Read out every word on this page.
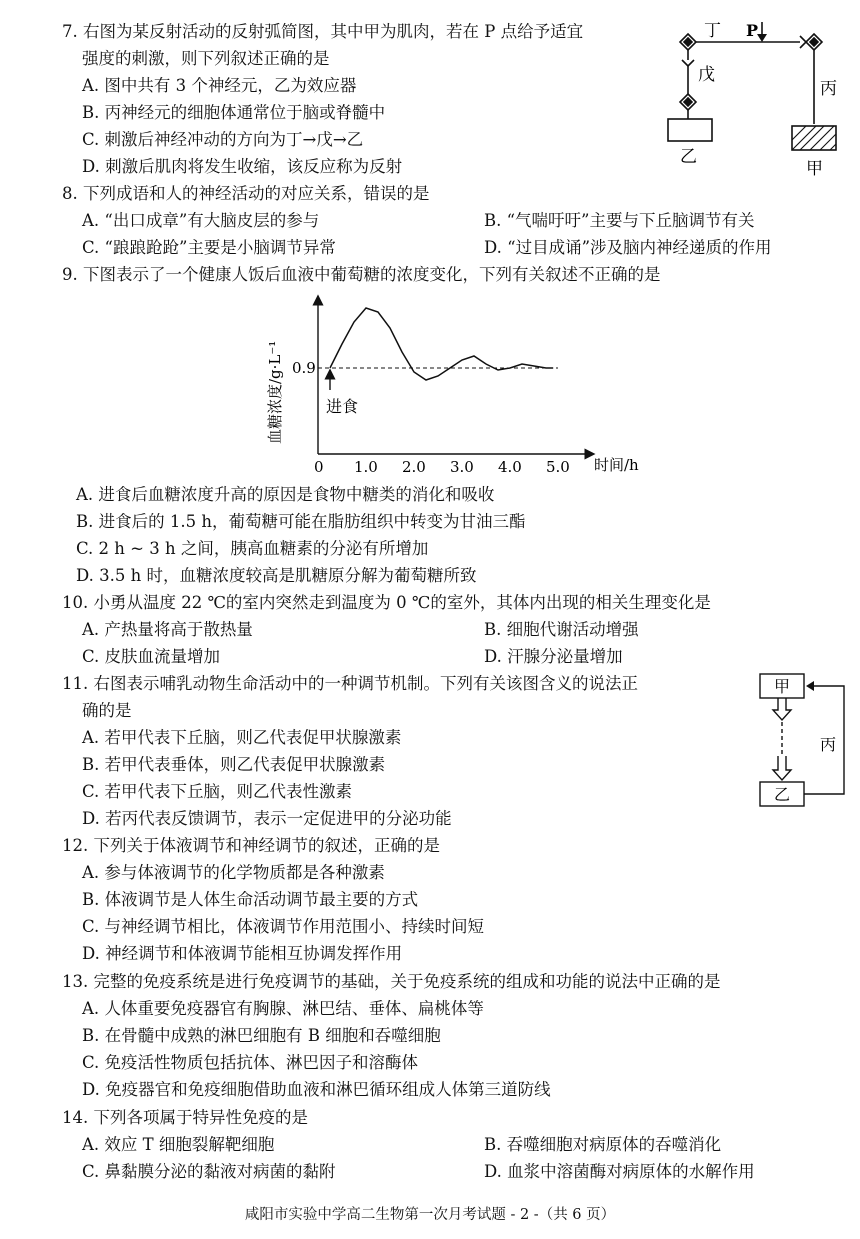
7. 右图为某反射活动的反射弧简图，其中甲为肌肉，若在 P 点给予适宜
强度的刺激，则下列叙述正确的是
A. 图中共有 3 个神经元，乙为效应器
B. 丙神经元的细胞体通常位于脑或脊髓中
C. 刺激后神经冲动的方向为丁→戊→乙
D. 刺激后肌肉将发生收缩，该反应称为反射
丁 P
戊
丙
乙
甲
8. 下列成语和人的神经活动的对应关系，错误的是
A. “出口成章”有大脑皮层的参与	B. “气喘吁吁”主要与下丘脑调节有关
C. “踉踉跄跄”主要是小脑调节异常	D. “过目成诵”涉及脑内神经递质的作用
9. 下图表示了一个健康人饭后血液中葡萄糖的浓度变化，下列有关叙述不正确的是
0 1.0 2.0 3.0 4.0 5.0
0.9
进食
时间/h
血糖浓度/g·L⁻¹
A. 进食后血糖浓度升高的原因是食物中糖类的消化和吸收
B. 进食后的 1.5 h，葡萄糖可能在脂肪组织中转变为甘油三酯
C. 2 h ~ 3 h 之间，胰高血糖素的分泌有所增加
D. 3.5 h 时，血糖浓度较高是肌糖原分解为葡萄糖所致
10. 小勇从温度 22 ℃的室内突然走到温度为 0 ℃的室外，其体内出现的相关生理变化是
A. 产热量将高于散热量	B. 细胞代谢活动增强
C. 皮肤血流量增加	D. 汗腺分泌量增加
11. 右图表示哺乳动物生命活动中的一种调节机制。下列有关该图含义的说法正
确的是
A. 若甲代表下丘脑，则乙代表促甲状腺激素
B. 若甲代表垂体，则乙代表促甲状腺激素
C. 若甲代表下丘脑，则乙代表性激素
D. 若丙代表反馈调节，表示一定促进甲的分泌功能
甲
丙
乙
12. 下列关于体液调节和神经调节的叙述，正确的是
A. 参与体液调节的化学物质都是各种激素
B. 体液调节是人体生命活动调节最主要的方式
C. 与神经调节相比，体液调节作用范围小、持续时间短
D. 神经调节和体液调节能相互协调发挥作用
13. 完整的免疫系统是进行免疫调节的基础，关于免疫系统的组成和功能的说法中正确的是
A. 人体重要免疫器官有胸腺、淋巴结、垂体、扁桃体等
B. 在骨髓中成熟的淋巴细胞有 B 细胞和吞噬细胞
C. 免疫活性物质包括抗体、淋巴因子和溶酶体
D. 免疫器官和免疫细胞借助血液和淋巴循环组成人体第三道防线
14. 下列各项属于特异性免疫的是
A. 效应 T 细胞裂解靶细胞	B. 吞噬细胞对病原体的吞噬消化
C. 鼻黏膜分泌的黏液对病菌的黏附	D. 血浆中溶菌酶对病原体的水解作用
咸阳市实验中学高二生物第一次月考试题 - 2 -（共 6 页）
